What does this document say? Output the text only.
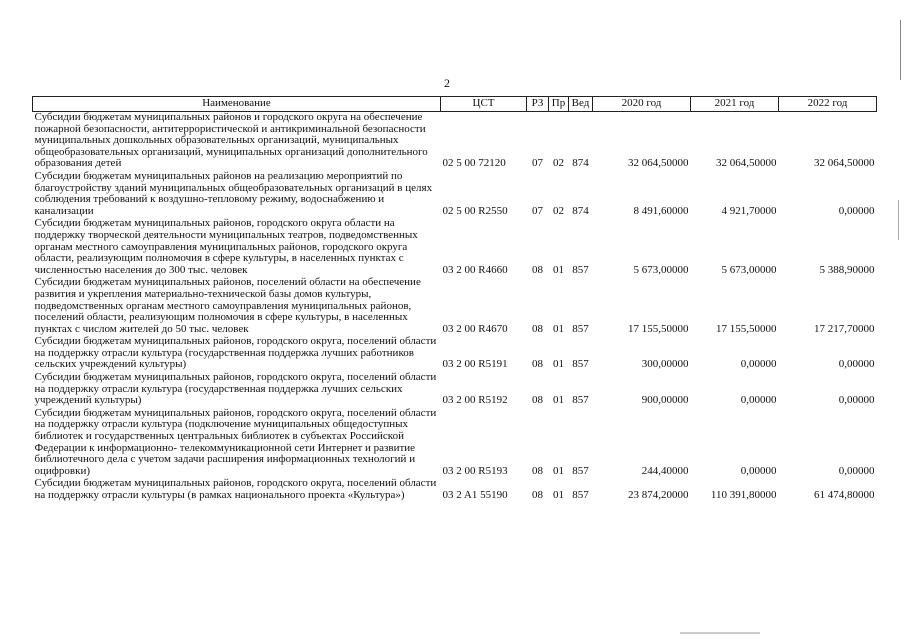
2
Наименование	ЦСТ	РЗ	Пр	Вед	2020 год	2021 год	2022 год
Субсидии бюджетам муниципальных районов и городского округа на обеспечение пожарной безопасности, антитеррористической и антикриминальной безопасности муниципальных дошкольных образовательных организаций, муниципальных общеобразовательных организаций, муниципальных организаций дополнительного образования детей	02 5 00 72120	07	02	874	32 064,50000	32 064,50000	32 064,50000
Субсидии бюджетам муниципальных районов на реализацию мероприятий по благоустройству зданий муниципальных общеобразовательных организаций в целях соблюдения требований к воздушно-тепловому режиму, водоснабжению и канализации	02 5 00 R2550	07	02	874	8 491,60000	4 921,70000	0,00000
Субсидии бюджетам муниципальных районов, городского округа области на поддержку творческой деятельности муниципальных театров, подведомственных органам местного самоуправления муниципальных районов, городского округа области, реализующим полномочия в сфере культуры, в населенных пунктах с численностью населения до 300 тыс. человек	03 2 00 R4660	08	01	857	5 673,00000	5 673,00000	5 388,90000
Субсидии бюджетам муниципальных районов, поселений области на обеспечение развития и укрепления материально-технической базы домов культуры, подведомственных органам местного самоуправления муниципальных районов, поселений области, реализующим полномочия в сфере культуры, в населенных пунктах с числом жителей до 50 тыс. человек	03 2 00 R4670	08	01	857	17 155,50000	17 155,50000	17 217,70000
Субсидии бюджетам муниципальных районов, городского округа, поселений области на поддержку отрасли культура (государственная поддержка лучших работников сельских учреждений культуры)	03 2 00 R5191	08	01	857	300,00000	0,00000	0,00000
Субсидии бюджетам муниципальных районов, городского округа, поселений области на поддержку отрасли культура (государственная поддержка лучших сельских учреждений культуры)	03 2 00 R5192	08	01	857	900,00000	0,00000	0,00000
Субсидии бюджетам муниципальных районов, городского округа, поселений области на поддержку отрасли культура (подключение муниципальных общедоступных библиотек и государственных центральных библиотек в субъектах Российской Федерации к информационно- телекоммуникационной сети Интернет и развитие библиотечного дела с учетом задачи расширения информационных технологий и оцифровки)	03 2 00 R5193	08	01	857	244,40000	0,00000	0,00000
Субсидии бюджетам муниципальных районов, городского округа, поселений области на поддержку отрасли культуры (в рамках национального проекта «Культура»)	03 2 A1 55190	08	01	857	23 874,20000	110 391,80000	61 474,80000
